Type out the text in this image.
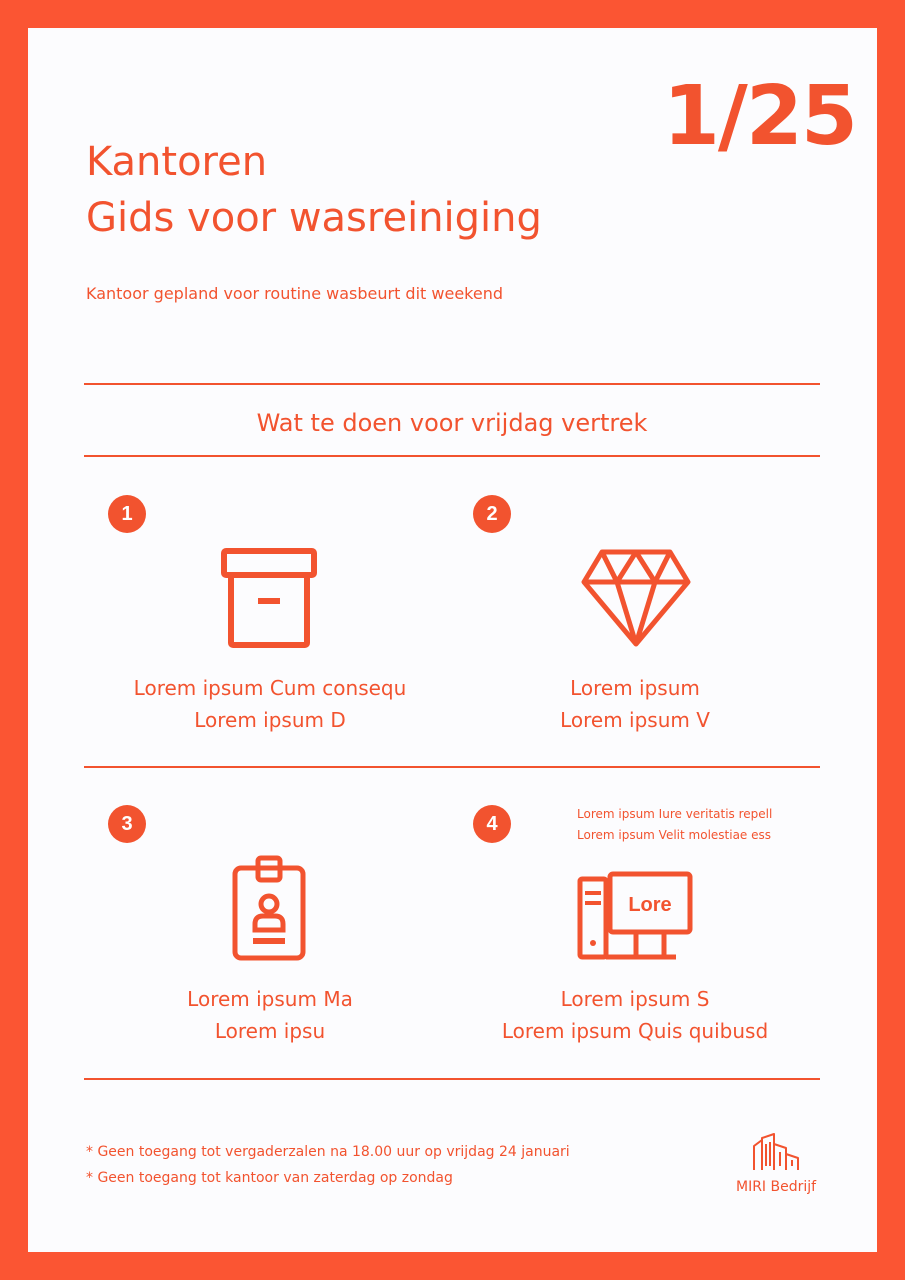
1/25
Kantoren
Gids voor wasreiniging
Kantoor gepland voor routine wasbeurt dit weekend
Wat te doen voor vrijdag vertrek
1
Lorem ipsum Cum consequ
Lorem ipsum D
2
Lorem ipsum
Lorem ipsum V
3
Lorem ipsum Ma
Lorem ipsu
4	Lorem ipsum Iure veritatis repell
Lorem ipsum Velit molestiae ess
Lore
Lorem ipsum S
Lorem ipsum Quis quibusd
* Geen toegang tot vergaderzalen na 18.00 uur op vrijdag 24 januari
* Geen toegang tot kantoor van zaterdag op zondag
MIRI Bedrijf
